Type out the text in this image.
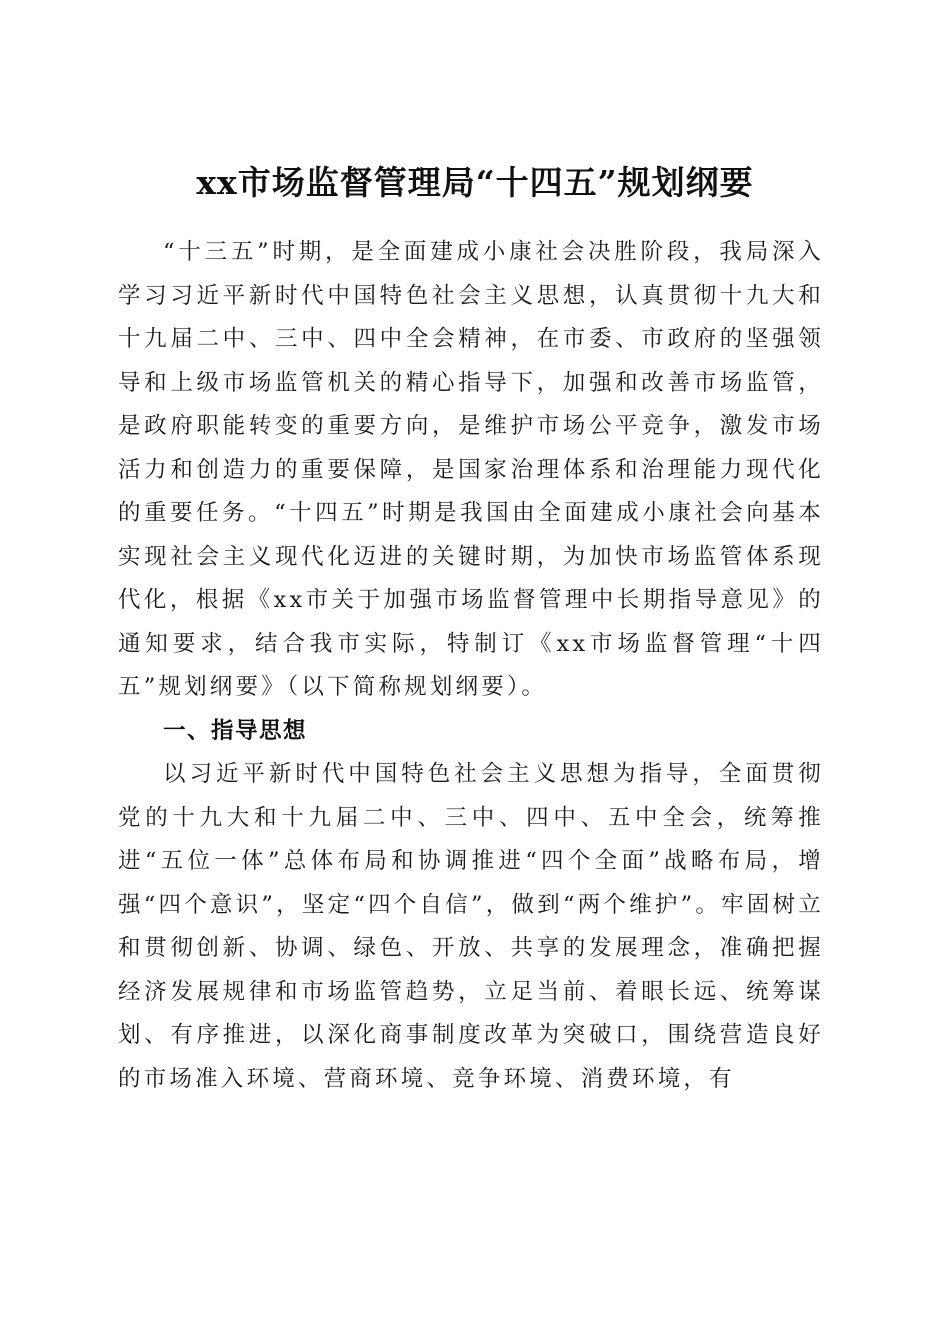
xx市场监督管理局“十四五”规划纲要

“十三五”时期，是全面建成小康社会决胜阶段，我局深入学习习近平新时代中国特色社会主义思想，认真贯彻十九大和十九届二中、三中、四中全会精神，在市委、市政府的坚强领导和上级市场监管机关的精心指导下，加强和改善市场监管，是政府职能转变的重要方向，是维护市场公平竞争，激发市场活力和创造力的重要保障，是国家治理体系和治理能力现代化的重要任务。“十四五”时期是我国由全面建成小康社会向基本实现社会主义现代化迈进的关键时期，为加快市场监管体系现代化，根据《xx市关于加强市场监督管理中长期指导意见》的通知要求，结合我市实际，特制订《xx市场监督管理“十四五”规划纲要》（以下简称规划纲要）。

一、指导思想

以习近平新时代中国特色社会主义思想为指导，全面贯彻党的十九大和十九届二中、三中、四中、五中全会，统筹推进“五位一体”总体布局和协调推进“四个全面”战略布局，增强“四个意识”，坚定“四个自信”，做到“两个维护”。牢固树立和贯彻创新、协调、绿色、开放、共享的发展理念，准确把握经济发展规律和市场监管趋势，立足当前、着眼长远、统筹谋划、有序推进，以深化商事制度改革为突破口，围绕营造良好的市场准入环境、营商环境、竞争环境、消费环境，有
